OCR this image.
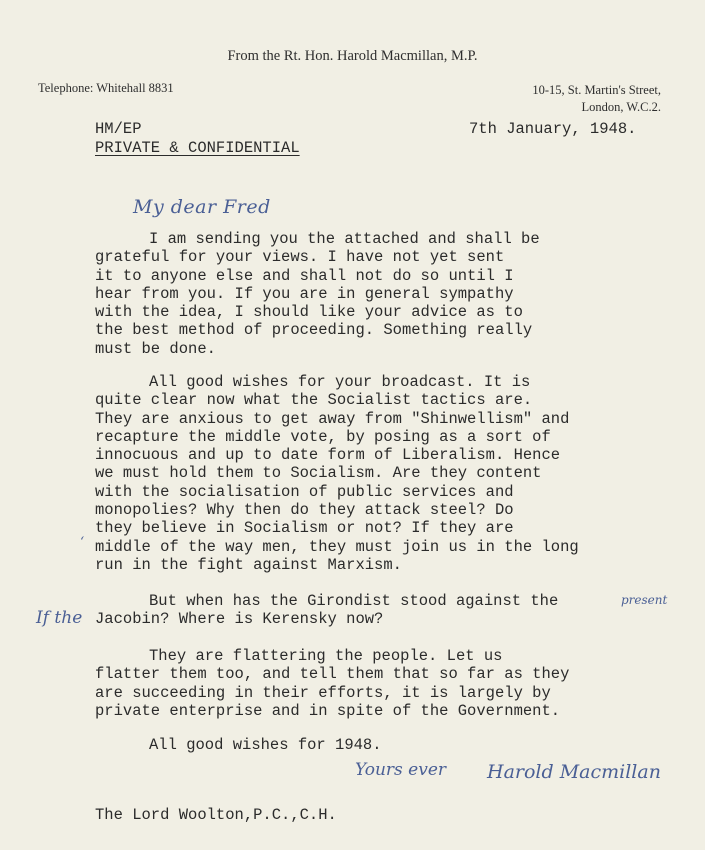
From the Rt. Hon. Harold Macmillan, M.P.
Telephone: Whitehall 8831	10-15, St. Martin's Street,
London, W.C.2.
HM/EP
PRIVATE & CONFIDENTIAL
7th January, 1948.
My dear Fred
I am sending you the attached and shall be
grateful for your views. I have not yet sent
it to anyone else and shall not do so until I
hear from you. If you are in general sympathy
with the idea, I should like your advice as to
the best method of proceeding. Something really
must be done.
All good wishes for your broadcast. It is
quite clear now what the Socialist tactics are.
They are anxious to get away from "Shinwellism" and
recapture the middle vote, by posing as a sort of
innocuous and up to date form of Liberalism. Hence
we must hold them to Socialism. Are they content
with the socialisation of public services and
monopolies? Why then do they attack steel? Do
they believe in Socialism or not? If they are
middle of the way men, they must join us in the long
run in the fight against Marxism.
‘
But when has the Girondist stood against the
Jacobin? Where is Kerensky now?
present
If the
They are flattering the people. Let us
flatter them too, and tell them that so far as they
are succeeding in their efforts, it is largely by
private enterprise and in spite of the Government.
All good wishes for 1948.
Yours ever Harold Macmillan
The Lord Woolton,P.C.,C.H.
